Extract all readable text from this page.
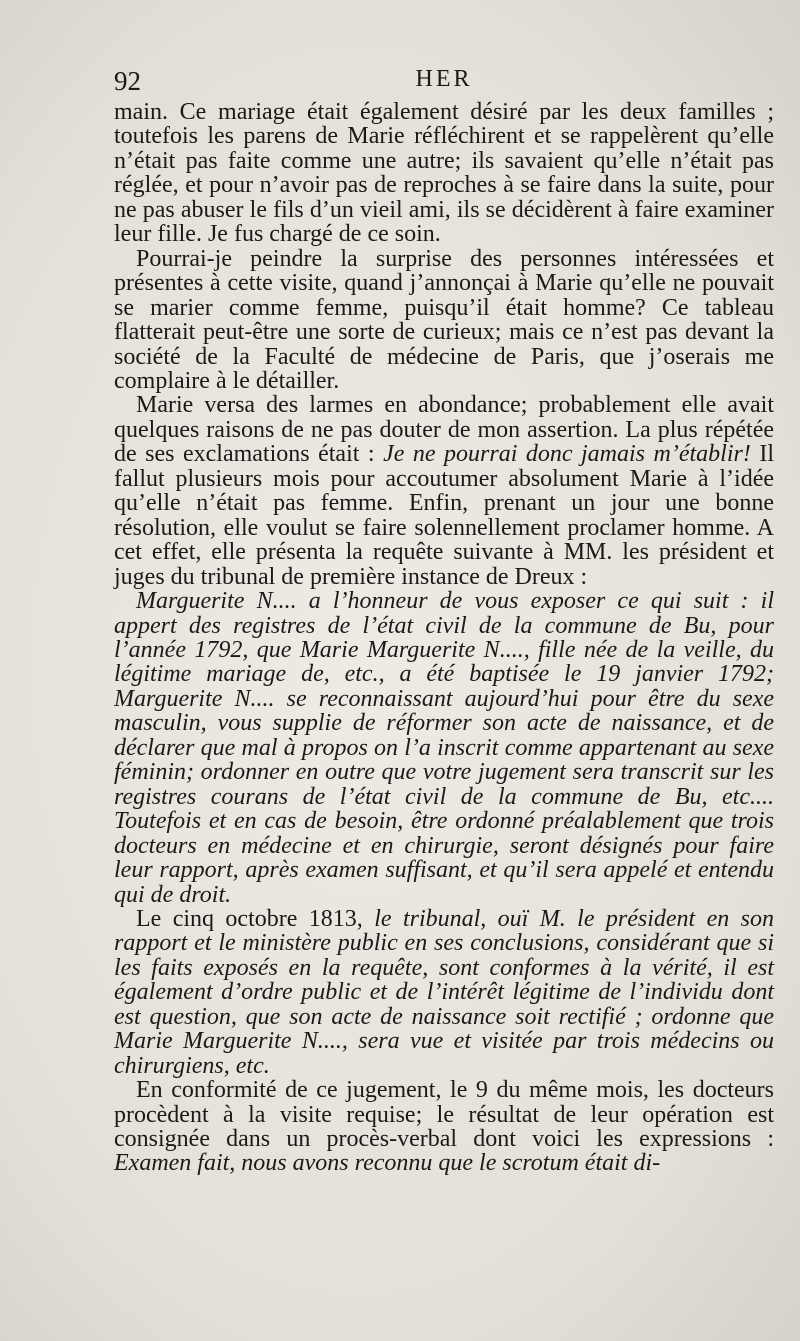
92	HER

main. Ce mariage était également désiré par les deux familles ; toutefois les parens de Marie réfléchirent et se rappelèrent qu’elle n’était pas faite comme une autre; ils savaient qu’elle n’était pas réglée, et pour n’avoir pas de reproches à se faire dans la suite, pour ne pas abuser le fils d’un vieil ami, ils se décidèrent à faire examiner leur fille. Je fus chargé de ce soin.

Pourrai-je peindre la surprise des personnes intéressées et présentes à cette visite, quand j’annonçai à Marie qu’elle ne pouvait se marier comme femme, puisqu’il était homme? Ce tableau flatterait peut-être une sorte de curieux; mais ce n’est pas devant la société de la Faculté de médecine de Paris, que j’oserais me complaire à le détailler.

Marie versa des larmes en abondance; probablement elle avait quelques raisons de ne pas douter de mon assertion. La plus répétée de ses exclamations était : Je ne pourrai donc jamais m’établir! Il fallut plusieurs mois pour accoutumer absolument Marie à l’idée qu’elle n’était pas femme. Enfin, prenant un jour une bonne résolution, elle voulut se faire solennellement proclamer homme. A cet effet, elle présenta la requête suivante à MM. les président et juges du tribunal de première instance de Dreux :

Marguerite N.... a l’honneur de vous exposer ce qui suit : il appert des registres de l’état civil de la commune de Bu, pour l’année 1792, que Marie Marguerite N...., fille née de la veille, du légitime mariage de, etc., a été baptisée le 19 janvier 1792; Marguerite N.... se reconnaissant aujourd’hui pour être du sexe masculin, vous supplie de réformer son acte de naissance, et de déclarer que mal à propos on l’a inscrit comme appartenant au sexe féminin; ordonner en outre que votre jugement sera transcrit sur les registres courans de l’état civil de la commune de Bu, etc.... Toutefois et en cas de besoin, être ordonné préalablement que trois docteurs en médecine et en chirurgie, seront désignés pour faire leur rapport, après examen suffisant, et qu’il sera appelé et entendu qui de droit.

Le cinq octobre 1813, le tribunal, ouï M. le président en son rapport et le ministère public en ses conclusions, considérant que si les faits exposés en la requête, sont conformes à la vérité, il est également d’ordre public et de l’intérêt légitime de l’individu dont est question, que son acte de naissance soit rectifié ; ordonne que Marie Marguerite N...., sera vue et visitée par trois médecins ou chirurgiens, etc.

En conformité de ce jugement, le 9 du même mois, les docteurs procèdent à la visite requise; le résultat de leur opération est consignée dans un procès-verbal dont voici les expressions : Examen fait, nous avons reconnu que le scrotum était di-
